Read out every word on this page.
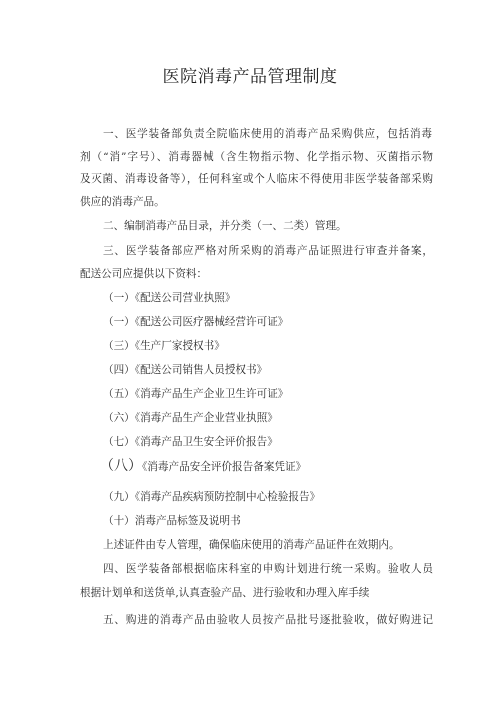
医院消毒产品管理制度
一、医学装备部负责全院临床使用的消毒产品采购供应，包括消毒
剂（“消”字号）、消毒器械（含生物指示物、化学指示物、灭菌指示物
及灭菌、消毒设备等），任何科室或个人临床不得使用非医学装备部采购
供应的消毒产品。
二、编制消毒产品目录，并分类（一、二类）管理。
三、医学装备部应严格对所采购的消毒产品证照进行审查并备案，
配送公司应提供以下资料：
（一）《配送公司营业执照》
（一）《配送公司医疗器械经营许可证》
（三）《生产厂家授权书》
（四）《配送公司销售人员授权书》
（五）《消毒产品生产企业卫生许可证》
（六）《消毒产品生产企业营业执照》
（七）《消毒产品卫生安全评价报告》
（八）《消毒产品安全评价报告备案凭证》
（九）《消毒产品疾病预防控制中心检验报告》
（十）消毒产品标签及说明书
上述证件由专人管理，确保临床使用的消毒产品证件在效期内。
四、医学装备部根据临床科室的申购计划进行统一采购。验收人员
根据计划单和送货单,认真查验产品、进行验收和办理入库手续
五、购进的消毒产品由验收人员按产品批号逐批验收，做好购进记
